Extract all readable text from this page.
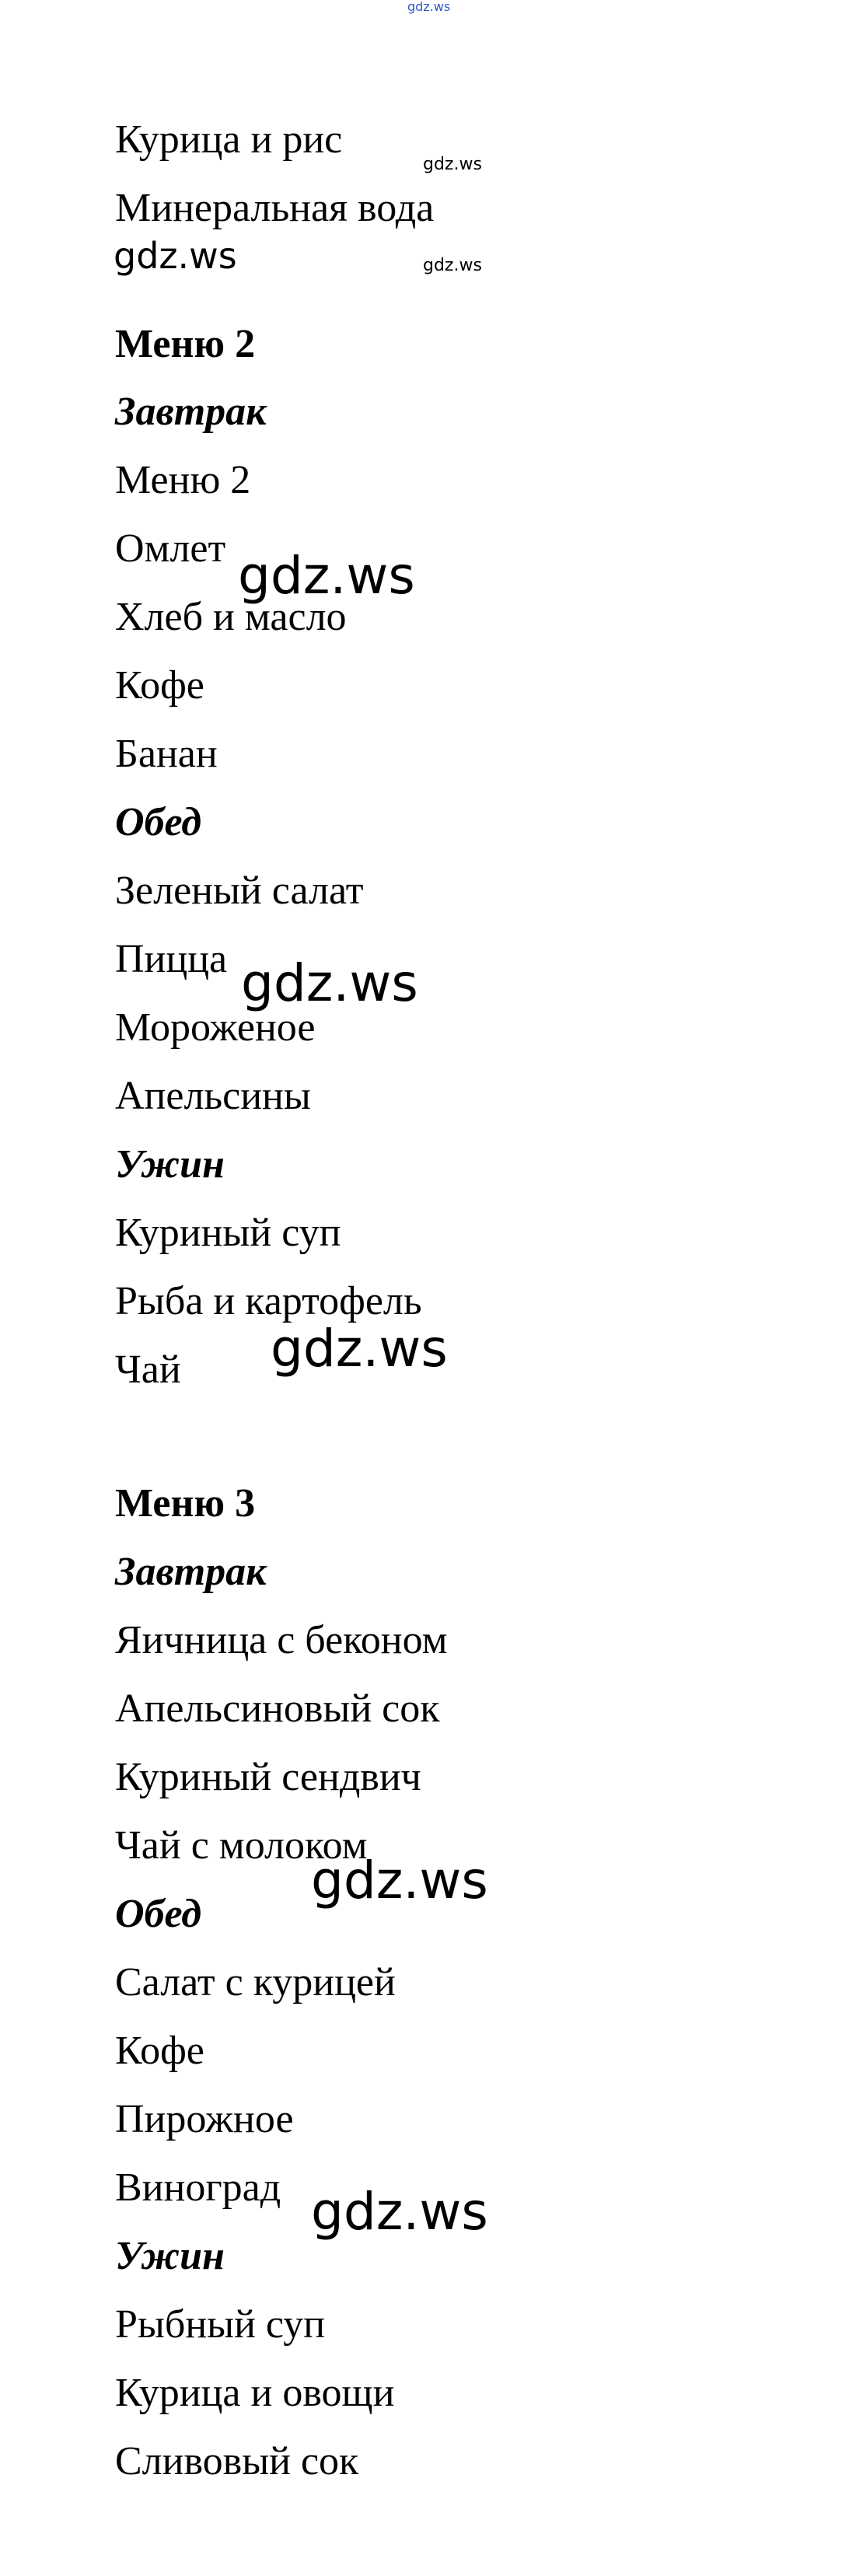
gdz.ws
Курица и рис
gdz.ws
Минеральная вода
gdz.ws	gdz.ws
Меню 2
Завтрак
Меню 2
Омлет
Хлеб и масло
gdz.ws
Кофе
Банан
Обед
Зеленый салат
Пицца gdz.ws
Мороженое
Апельсины
Ужин
Куриный суп
Рыба и картофель
Чай gdz.ws
Меню 3
Завтрак
Яичница с беконом
Апельсиновый сок
Куриный сендвич
Чай с молоком
gdz.ws
Обед
Салат с курицей
Кофе
Пирожное
Виноград gdz.ws
Ужин
Рыбный суп
Курица и овощи
Сливовый сок
